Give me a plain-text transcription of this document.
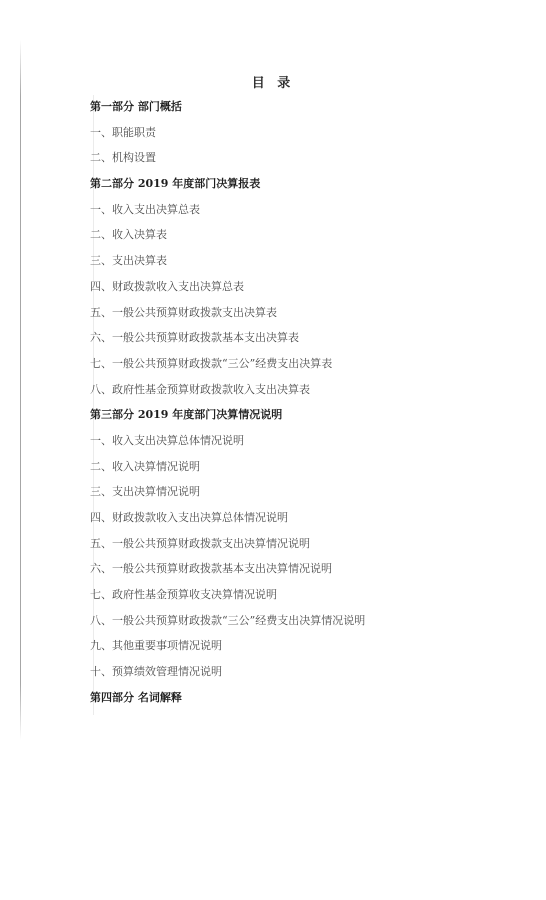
目 录
第一部分 部门概括
一、职能职责
二、机构设置
第二部分 2019 年度部门决算报表
一、收入支出决算总表
二、收入决算表
三、支出决算表
四、财政拨款收入支出决算总表
五、一般公共预算财政拨款支出决算表
六、一般公共预算财政拨款基本支出决算表
七、一般公共预算财政拨款“三公”经费支出决算表
八、政府性基金预算财政拨款收入支出决算表
第三部分 2019 年度部门决算情况说明
一、收入支出决算总体情况说明
二、收入决算情况说明
三、支出决算情况说明
四、财政拨款收入支出决算总体情况说明
五、一般公共预算财政拨款支出决算情况说明
六、一般公共预算财政拨款基本支出决算情况说明
七、政府性基金预算收支决算情况说明
八、一般公共预算财政拨款“三公”经费支出决算情况说明
九、其他重要事项情况说明
十、预算绩效管理情况说明
第四部分 名词解释
